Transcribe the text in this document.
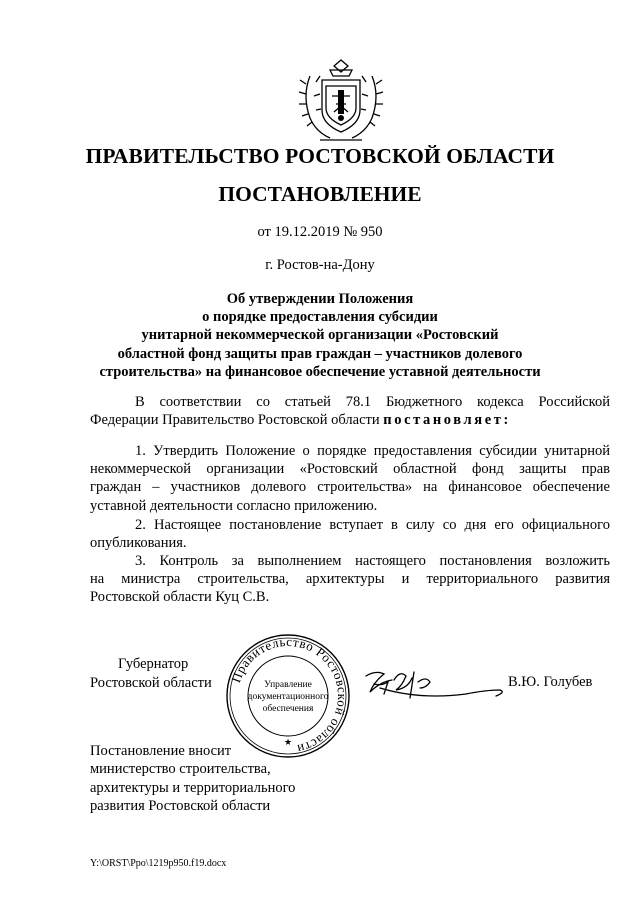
ПРАВИТЕЛЬСТВО РОСТОВСКОЙ ОБЛАСТИ
ПОСТАНОВЛЕНИЕ
от 19.12.2019 № 950
г. Ростов-на-Дону
Об утверждении Положения
о порядке предоставления субсидии
унитарной некоммерческой организации «Ростовский
областной фонд защиты прав граждан – участников долевого
строительства» на финансовое обеспечение уставной деятельности
В соответствии со статьей 78.1 Бюджетного кодекса Российской
Федерации Правительство Ростовской области постановляет:
1. Утвердить Положение о порядке предоставления субсидии унитарной
некоммерческой организации «Ростовский областной фонд защиты прав
граждан – участников долевого строительства» на финансовое обеспечение
уставной деятельности согласно приложению.
2. Настоящее постановление вступает в силу со дня его официального
опубликования.
3. Контроль за выполнением настоящего постановления возложить
на министра строительства, архитектуры и территориального развития
Ростовской области Куц С.В.
Губернатор
Ростовской области Правительство Ростовской области
★
Управление
документационного
обеспечения
В.Ю. Голубев
Постановление вносит
министерство строительства,
архитектуры и территориального
развития Ростовской области
Y:\ORST\Ppo\1219p950.f19.docx
